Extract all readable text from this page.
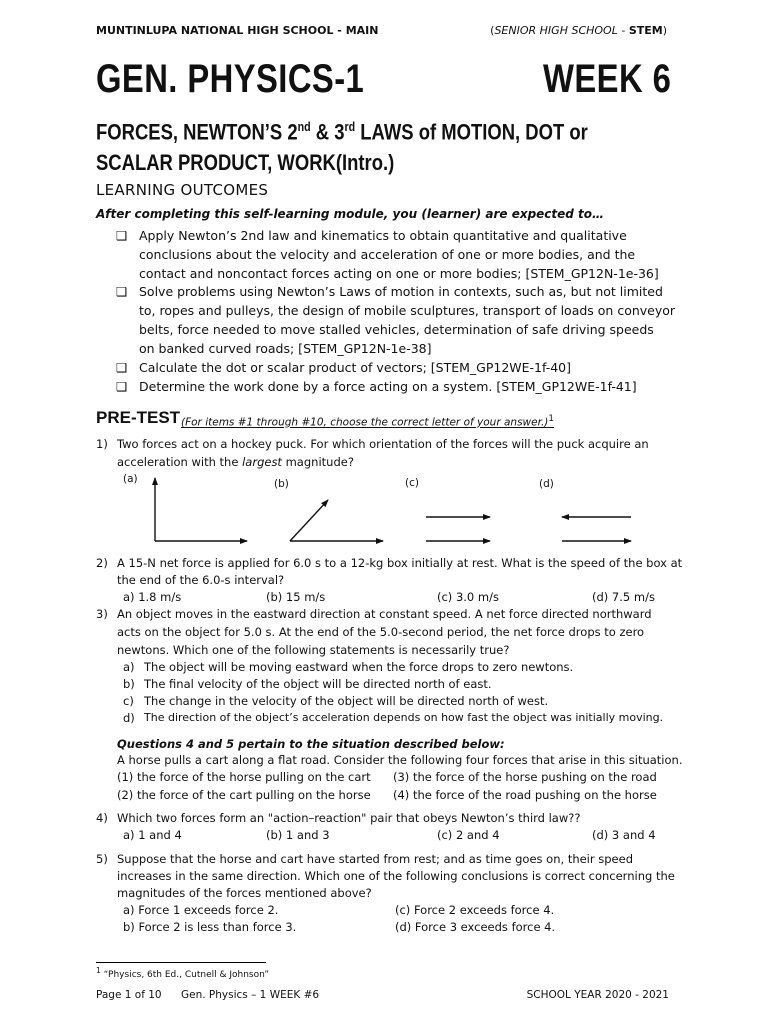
MUNTINLUPA NATIONAL HIGH SCHOOL - MAIN	(SENIOR HIGH SCHOOL - STEM)
GEN. PHYSICS-1	WEEK 6
FORCES, NEWTON’S 2nd & 3rd LAWS of MOTION, DOT or
SCALAR PRODUCT, WORK(Intro.)
LEARNING OUTCOMES
After completing this self-learning module, you (learner) are expected to…
❑ Apply Newton’s 2nd law and kinematics to obtain quantitative and qualitative
conclusions about the velocity and acceleration of one or more bodies, and the
contact and noncontact forces acting on one or more bodies; [STEM_GP12N-1e-36]
❑ Solve problems using Newton’s Laws of motion in contexts, such as, but not limited
to, ropes and pulleys, the design of mobile sculptures, transport of loads on conveyor
belts, force needed to move stalled vehicles, determination of safe driving speeds
on banked curved roads; [STEM_GP12N-1e-38]
❑ Calculate the dot or scalar product of vectors; [STEM_GP12WE-1f-40]
❑ Determine the work done by a force acting on a system. [STEM_GP12WE-1f-41]
PRE-TEST (For items #1 through #10, choose the correct letter of your answer.)$^1$
1) Two forces act on a hockey puck. For which orientation of the forces will the puck acquire an
acceleration with the largest magnitude?
(a)	(b)	(c)	(d)
2) A 15-N net force is applied for 6.0 s to a 12-kg box initially at rest. What is the speed of the box at
the end of the 6.0-s interval?
a) 1.8 m/s	(b) 15 m/s	(c) 3.0 m/s	(d) 7.5 m/s
3) An object moves in the eastward direction at constant speed. A net force directed northward
acts on the object for 5.0 s. At the end of the 5.0-second period, the net force drops to zero
newtons. Which one of the following statements is necessarily true?
a) The object will be moving eastward when the force drops to zero newtons.
b) The final velocity of the object will be directed north of east.
c) The change in the velocity of the object will be directed north of west.
d) The direction of the object’s acceleration depends on how fast the object was initially moving.
Questions 4 and 5 pertain to the situation described below:
A horse pulls a cart along a flat road. Consider the following four forces that arise in this situation.
(1) the force of the horse pulling on the cart (3) the force of the horse pushing on the road
(2) the force of the cart pulling on the horse (4) the force of the road pushing on the horse
4) Which two forces form an "action–reaction" pair that obeys Newton’s third law??
a) 1 and 4	(b) 1 and 3	(c) 2 and 4	(d) 3 and 4
5) Suppose that the horse and cart have started from rest; and as time goes on, their speed
increases in the same direction. Which one of the following conclusions is correct concerning the
magnitudes of the forces mentioned above?
a) Force 1 exceeds force 2.	(c) Force 2 exceeds force 4.
b) Force 2 is less than force 3.	(d) Force 3 exceeds force 4.
$^1$ “Physics, 6th Ed., Cutnell & Johnson”
Page 1 of 10 Gen. Physics – 1 WEEK #6	SCHOOL YEAR 2020 - 2021
